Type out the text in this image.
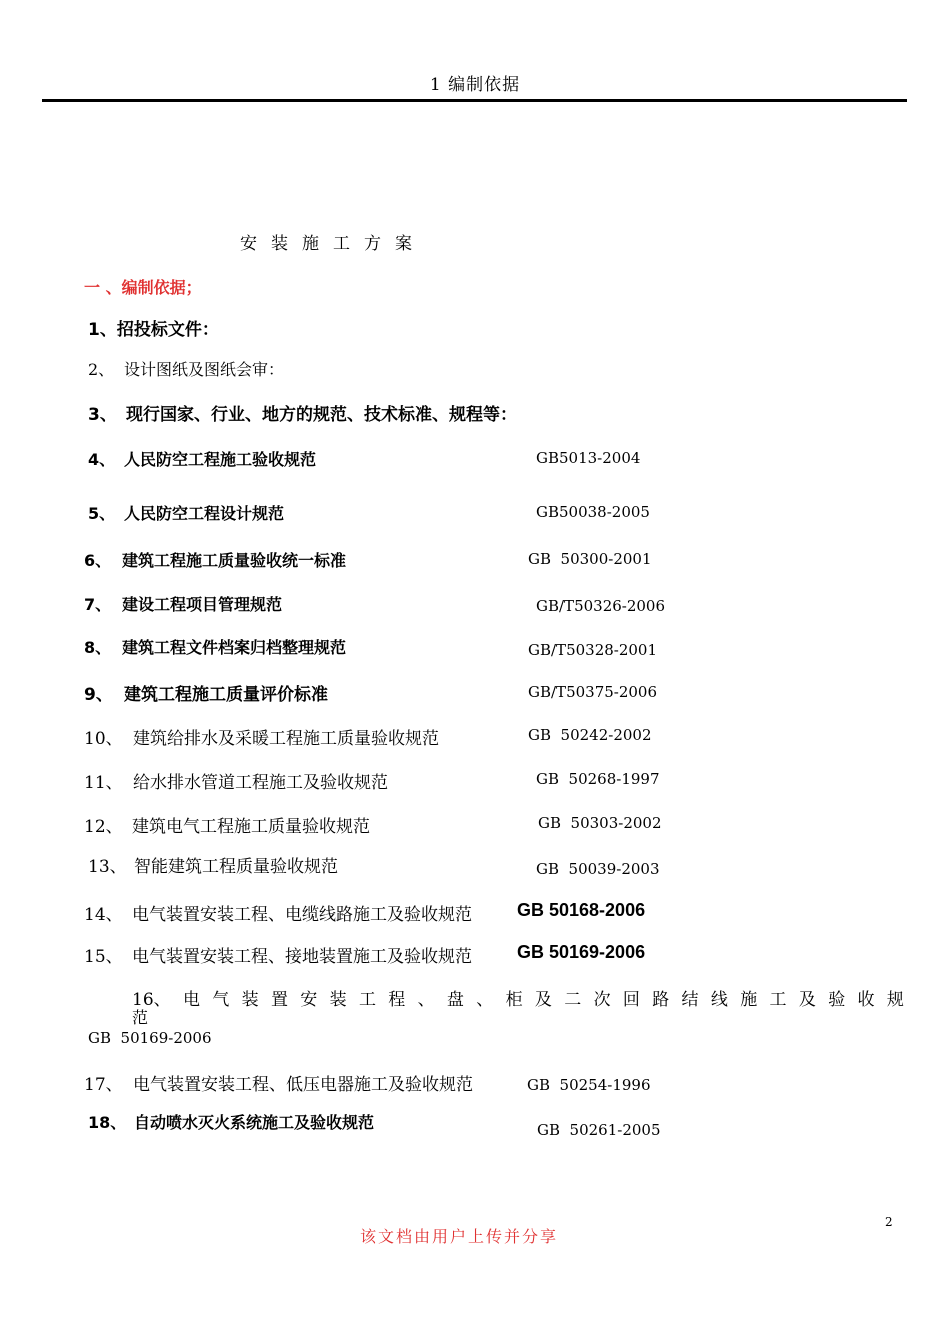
1 编制依据
安装施工方案
一 、编制依据；
1、招投标文件：
2、 设计图纸及图纸会审：
3、 现行国家、行业、地方的规范、技术标准、规程等：
4、 人民防空工程施工验收规范	GB5013-2004
5、 人民防空工程设计规范	GB50038-2005
6、 建筑工程施工质量验收统一标准	GB  50300-2001
7、 建设工程项目管理规范	GB/T50326-2006
8、 建筑工程文件档案归档整理规范	GB/T50328-2001
9、 建筑工程施工质量评价标准	GB/T50375-2006
10、 建筑给排水及采暖工程施工质量验收规范	GB  50242-2002
11、 给水排水管道工程施工及验收规范	GB  50268-1997
12、 建筑电气工程施工质量验收规范	GB  50303-2002
13、 智能建筑工程质量验收规范	GB  50039-2003
14、 电气装置安装工程、电缆线路施工及验收规范	GB 50168-2006
15、 电气装置安装工程、接地装置施工及验收规范	GB 50169-2006
16、 电 气 装 置 安 装 工 程 、 盘 、 柜 及 二 次 回 路 结 线 施 工 及 验 收 规
范
GB  50169-2006
17、 电气装置安装工程、低压电器施工及验收规范	GB  50254-1996
18、 自动喷水灭火系统施工及验收规范	GB  50261-2005
该文档由用户上传并分享
2
